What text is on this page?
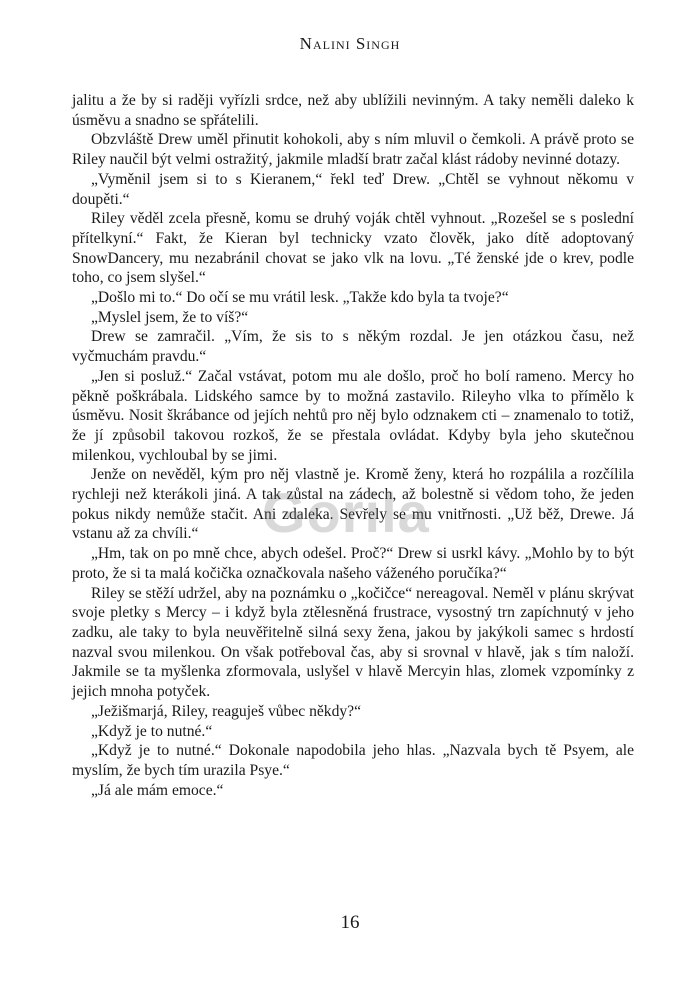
Nalini Singh

jalitu a že by si raději vyřízli srdce, než aby ublížili nevinným. A taky neměli daleko k úsměvu a snadno se spřátelili.

Obzvláště Drew uměl přinutit kohokoli, aby s ním mluvil o čemkoli. A právě proto se Riley naučil být velmi ostražitý, jakmile mladší bratr začal klást rádoby nevinné dotazy.

„Vyměnil jsem si to s Kieranem,“ řekl teď Drew. „Chtěl se vyhnout někomu v doupěti.“

Riley věděl zcela přesně, komu se druhý voják chtěl vyhnout. „Rozešel se s poslední přítelkyní.“ Fakt, že Kieran byl technicky vzato člověk, jako dítě adoptovaný SnowDancery, mu nezabránil chovat se jako vlk na lovu. „Té ženské jde o krev, podle toho, co jsem slyšel.“

„Došlo mi to.“ Do očí se mu vrátil lesk. „Takže kdo byla ta tvoje?“

„Myslel jsem, že to víš?“

Drew se zamračil. „Vím, že sis to s někým rozdal. Je jen otázkou času, než vyčmuchám pravdu.“

„Jen si posluž.“ Začal vstávat, potom mu ale došlo, proč ho bolí rameno. Mercy ho pěkně poškrábala. Lidského samce by to možná zastavilo. Rileyho vlka to přímělo k úsměvu. Nosit škrábance od jejích nehtů pro něj bylo odznakem cti – znamenalo to totiž, že jí způsobil takovou rozkoš, že se přestala ovládat. Kdyby byla jeho skutečnou milenkou, vychloubal by se jimi.

Jenže on nevěděl, kým pro něj vlastně je. Kromě ženy, která ho rozpálila a rozčílila rychleji než kterákoli jiná. A tak zůstal na zádech, až bolestně si vědom toho, že jeden pokus nikdy nemůže stačit. Ani zdaleka. Sevřely se mu vnitřnosti. „Už běž, Drewe. Já vstanu až za chvíli.“

„Hm, tak on po mně chce, abych odešel. Proč?“ Drew si usrkl kávy. „Mohlo by to být proto, že si ta malá kočička označkovala našeho váženého poručíka?“

Riley se stěží udržel, aby na poznámku o „kočičce“ nereagoval. Neměl v plánu skrývat svoje pletky s Mercy – i když byla ztělesněná frustrace, vysostný trn zapíchnutý v jeho zadku, ale taky to byla neuvěřitelně silná sexy žena, jakou by jakýkoli samec s hrdostí nazval svou milenkou. On však potřeboval čas, aby si srovnal v hlavě, jak s tím naloží. Jakmile se ta myšlenka zformovala, uslyšel v hlavě Mercyin hlas, zlomek vzpomínky z jejich mnoha potyček.

„Ježišmarjá, Riley, reaguješ vůbec někdy?“

„Když je to nutné.“

„Když je to nutné.“ Dokonale napodobila jeho hlas. „Nazvala bych tě Psyem, ale myslím, že bych tím urazila Psye.“

„Já ale mám emoce.“

Gorila
16
